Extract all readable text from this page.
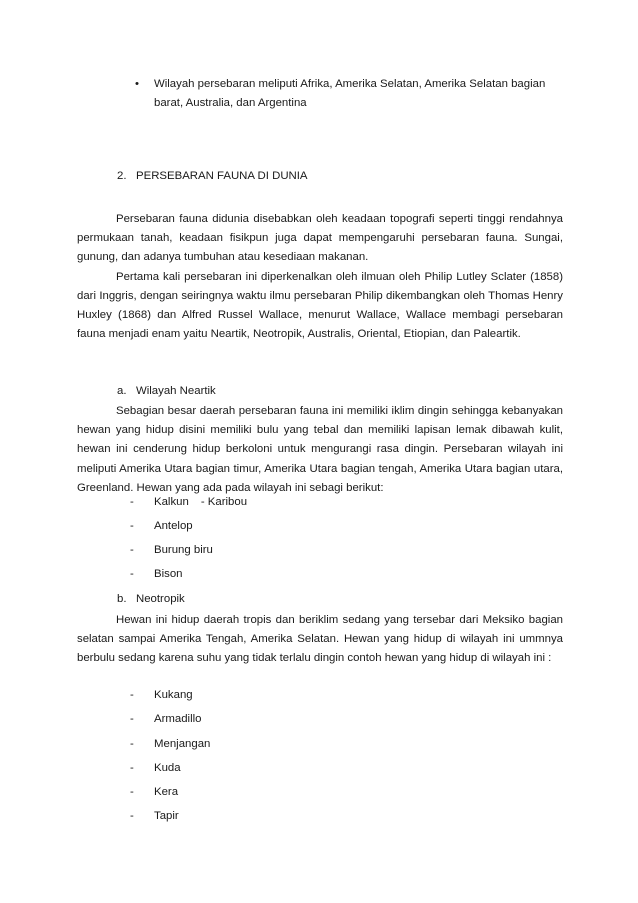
• Wilayah persebaran meliputi Afrika, Amerika Selatan, Amerika Selatan bagian
barat, Australia, dan Argentina
2. PERSEBARAN FAUNA DI DUNIA

Persebaran fauna didunia disebabkan oleh keadaan topografi seperti tinggi rendahnya permukaan tanah, keadaan fisikpun juga dapat mempengaruhi persebaran fauna. Sungai, gunung, dan adanya tumbuhan atau kesediaan makanan.

Pertama kali persebaran ini diperkenalkan oleh ilmuan oleh Philip Lutley Sclater (1858) dari Inggris, dengan seiringnya waktu ilmu persebaran Philip dikembangkan oleh Thomas Henry Huxley (1868) dan Alfred Russel Wallace, menurut Wallace, Wallace membagi persebaran fauna menjadi enam yaitu Neartik, Neotropik, Australis, Oriental, Etiopian, dan Paleartik.

a. Wilayah Neartik

Sebagian besar daerah persebaran fauna ini memiliki iklim dingin sehingga kebanyakan hewan yang hidup disini memiliki bulu yang tebal dan memiliki lapisan lemak dibawah kulit, hewan ini cenderung hidup berkoloni untuk mengurangi rasa dingin. Persebaran wilayah ini meliputi Amerika Utara bagian timur, Amerika Utara bagian tengah, Amerika Utara bagian utara, Greenland. Hewan yang ada pada wilayah ini sebagi berikut:

- Kalkun - Karibou
- Antelop
- Burung biru
- Bison
b. Neotropik

Hewan ini hidup daerah tropis dan beriklim sedang yang tersebar dari Meksiko bagian selatan sampai Amerika Tengah, Amerika Selatan. Hewan yang hidup di wilayah ini ummnya berbulu sedang karena suhu yang tidak terlalu dingin contoh hewan yang hidup di wilayah ini :

- Kukang
- Armadillo
- Menjangan
- Kuda
- Kera
- Tapir
